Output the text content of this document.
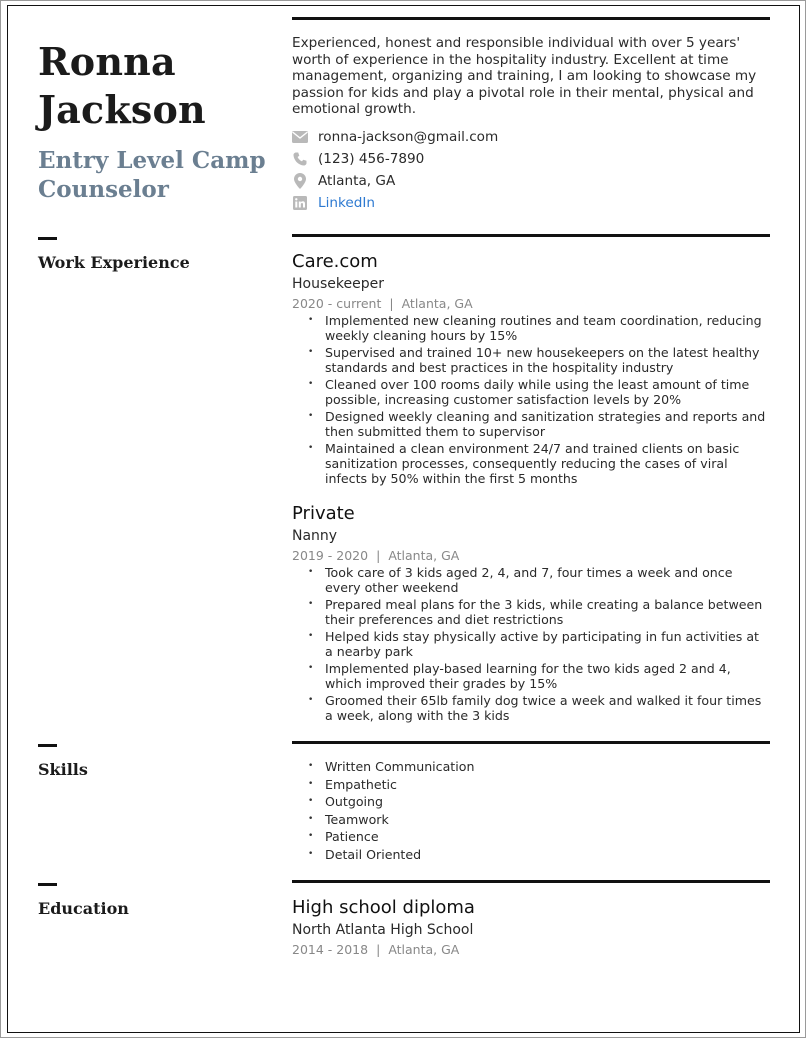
Ronna
Jackson
Entry Level Camp
Counselor

Experienced, honest and responsible individual with over 5 years' worth of experience in the hospitality industry. Excellent at time management, organizing and training, I am looking to showcase my passion for kids and play a pivotal role in their mental, physical and emotional growth.

ronna-jackson@gmail.com
(123) 456-7890
Atlanta, GA
LinkedIn
Work Experience	Care.com
Housekeeper
2020 - current | Atlanta, GA
• Implemented new cleaning routines and team coordination, reducing weekly cleaning hours by 15%
• Supervised and trained 10+ new housekeepers on the latest healthy standards and best practices in the hospitality industry
• Cleaned over 100 rooms daily while using the least amount of time possible, increasing customer satisfaction levels by 20%
• Designed weekly cleaning and sanitization strategies and reports and then submitted them to supervisor
• Maintained a clean environment 24/7 and trained clients on basic sanitization processes, consequently reducing the cases of viral infects by 50% within the first 5 months
Private
Nanny
2019 - 2020 | Atlanta, GA
• Took care of 3 kids aged 2, 4, and 7, four times a week and once every other weekend
• Prepared meal plans for the 3 kids, while creating a balance between their preferences and diet restrictions
• Helped kids stay physically active by participating in fun activities at a nearby park
• Implemented play-based learning for the two kids aged 2 and 4, which improved their grades by 15%
• Groomed their 65lb family dog twice a week and walked it four times a week, along with the 3 kids
Skills
•	Written Communication
• Empathetic
• Outgoing
• Teamwork
• Patience
• Detail Oriented
Education	High school diploma
North Atlanta High School
2014 - 2018 | Atlanta, GA
